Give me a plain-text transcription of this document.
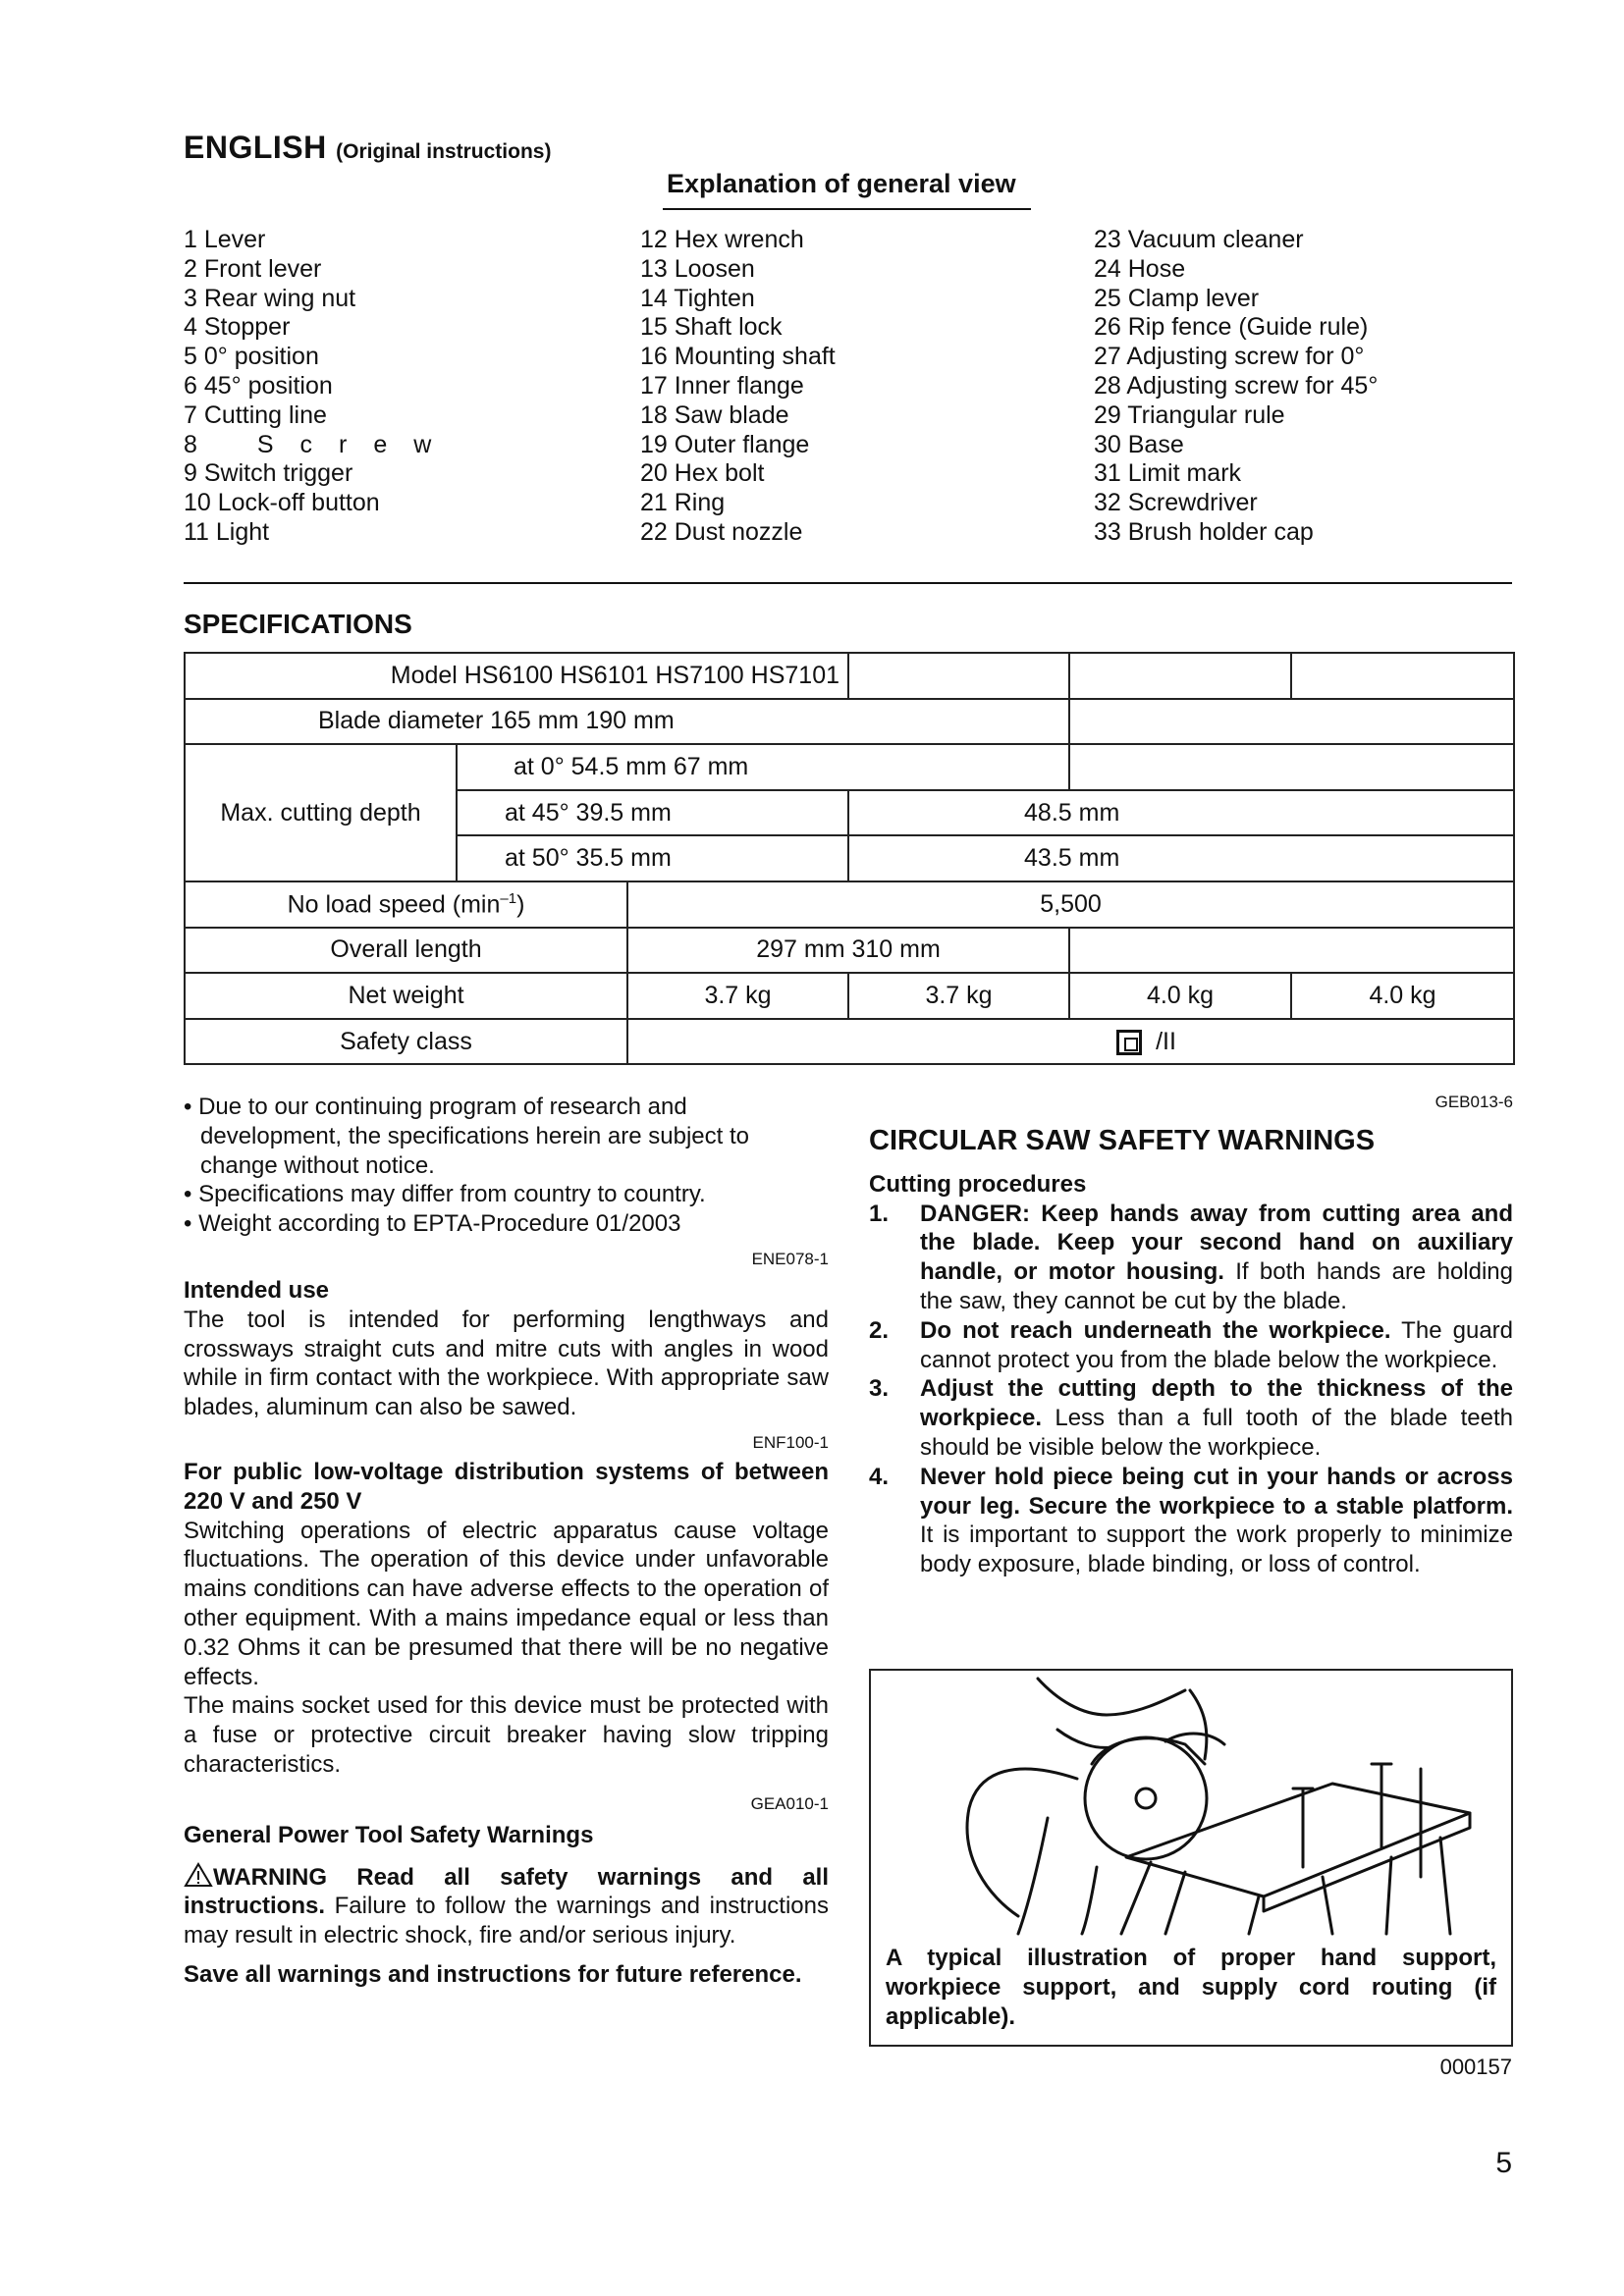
ENGLISH (Original instructions)
Explanation of general view
1 Lever
2 Front lever
3 Rear wing nut
4 Stopper
5 0° position
6 45° position
7 Cutting line
8 Screw
9 Switch trigger
10 Lock-off button
11 Light
12 Hex wrench
13 Loosen
14 Tighten
15 Shaft lock
16 Mounting shaft
17 Inner flange
18 Saw blade
19 Outer flange
20 Hex bolt
21 Ring
22 Dust nozzle
23 Vacuum cleaner
24 Hose
25 Clamp lever
26 Rip fence (Guide rule)
27 Adjusting screw for 0°
28 Adjusting screw for 45°
29 Triangular rule
30 Base
31 Limit mark
32 Screwdriver
33 Brush holder cap
SPECIFICATIONS
Model HS6100 HS6101 HS7100 HS7101					
Blade diameter 165 mm 190 mm					
Max. cutting depth	at 0° 54.5 mm 67 mm				
	at 45° 39.5 mm		48.5 mm		
	at 50° 35.5 mm		43.5 mm		
No load speed $(\min^{-1})$		5,500			
Overall length		297 mm 310 mm			
Net weight		3.7 kg	3.7 kg	4.0 kg	4.0 kg
Safety class		/II			
• Due to our continuing program of research and development, the specifications herein are subject to change without notice.
• Specifications may differ from country to country.
• Weight according to EPTA-Procedure 01/2003
ENE078-1
Intended use
The tool is intended for performing lengthways and crossways straight cuts and mitre cuts with angles in wood while in firm contact with the workpiece. With appropriate saw blades, aluminum can also be sawed.
ENF100-1
For public low-voltage distribution systems of between 220 V and 250 V
Switching operations of electric apparatus cause voltage fluctuations. The operation of this device under unfavorable mains conditions can have adverse effects to the operation of other equipment. With a mains impedance equal or less than 0.32 Ohms it can be presumed that there will be no negative effects.
The mains socket used for this device must be protected with a fuse or protective circuit breaker having slow tripping characteristics.
GEA010-1
General Power Tool Safety Warnings
WARNING Read all safety warnings and all instructions. Failure to follow the warnings and instructions may result in electric shock, fire and/or serious injury.
Save all warnings and instructions for future reference.
GEB013-6
CIRCULAR SAW SAFETY WARNINGS
Cutting procedures
1. DANGER: Keep hands away from cutting area and the blade. Keep your second hand on auxiliary handle, or motor housing. If both hands are holding the saw, they cannot be cut by the blade.
2. Do not reach underneath the workpiece. The guard cannot protect you from the blade below the workpiece.
3. Adjust the cutting depth to the thickness of the workpiece. Less than a full tooth of the blade teeth should be visible below the workpiece.
4. Never hold piece being cut in your hands or across your leg. Secure the workpiece to a stable platform. It is important to support the work properly to minimize body exposure, blade binding, or loss of control.
A typical illustration of proper hand support, workpiece support, and supply cord routing (if applicable).
000157
5
